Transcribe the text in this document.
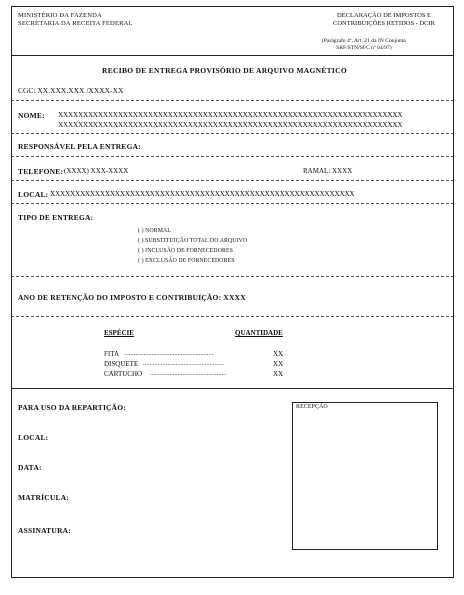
MINISTÉRIO DA FAZENDA
SECRETARIA DA RECEITA FEDERAL
DECLARAÇÃO DE IMPOSTOS E
CONTRIBUIÇÕES RETIDOS - DCIR
(Parágrafo 4º, Art. 21 da IN Conjunta
SRF/STN/SFC nº 04/97)
RECIBO DE ENTREGA PROVISÓRIO DE ARQUIVO MAGNÉTICO
CGC: XX.XXX.XXX /XXXX-XX
NOME: XXXXXXXXXXXXXXXXXXXXXXXXXXXXXXXXXXXXXXXXXXXXXXXXXXXXXXXXXXXXXXXXXXXXX
XXXXXXXXXXXXXXXXXXXXXXXXXXXXXXXXXXXXXXXXXXXXXXXXXXXXXXXXXXXXXXXXXXXXX
RESPONSÁVEL PELA ENTREGA:
TELEFONE: (XXXX) XXX-XXXX	RAMAL: XXXX
LOCAL: XXXXXXXXXXXXXXXXXXXXXXXXXXXXXXXXXXXXXXXXXXXXXXXXXXXXXXXXXXXXX
TIPO DE ENTREGA:
( ) NORMAL
( ) SUBSTITUIÇÃO TOTAL DO ARQUIVO
( ) INCLUSÃO DE FORNECEDORES
( ) EXCLUSÃO DE FORNECEDORES
ANO DE RETENÇÃO DO IMPOSTO E CONTRIBUIÇÃO: XXXX
ESPÉCIE	QUANTIDADE
FITA .......................................................	XX
DISQUETE ..................................................	XX
CARTUCHO ...............................................	XX
PARA USO DA REPARTIÇÃO:
LOCAL:
DATA:
MATRÍCULA:
ASSINATURA:
RECEPÇÃO
